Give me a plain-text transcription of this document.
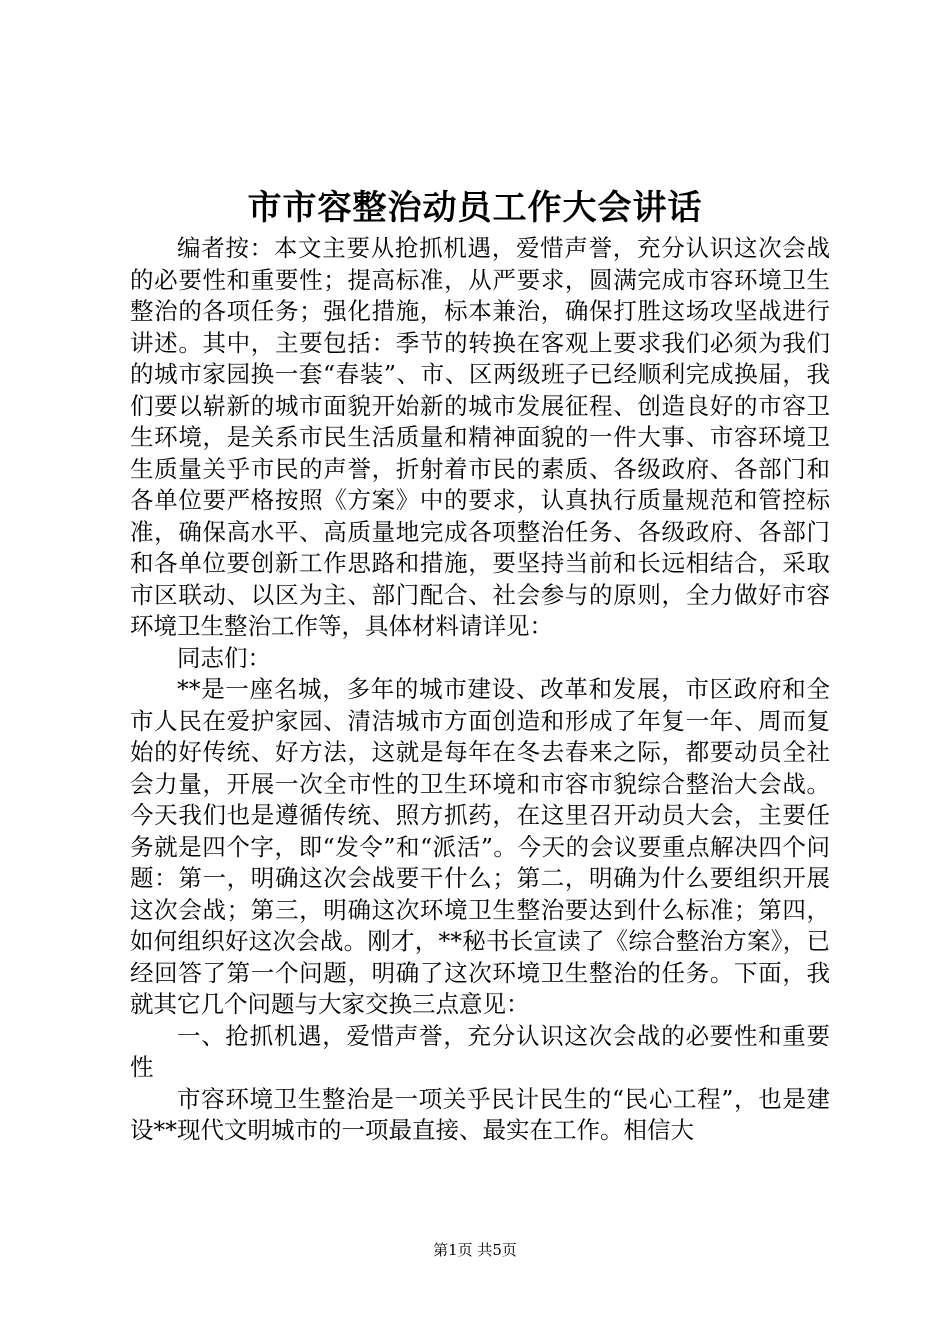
市市容整治动员工作大会讲话

编者按：本文主要从抢抓机遇，爱惜声誉，充分认识这次会战的必要性和重要性；提高标准，从严要求，圆满完成市容环境卫生整治的各项任务；强化措施，标本兼治，确保打胜这场攻坚战进行讲述。其中，主要包括：季节的转换在客观上要求我们必须为我们的城市家园换一套“春装”、市、区两级班子已经顺利完成换届，我们要以崭新的城市面貌开始新的城市发展征程、创造良好的市容卫生环境，是关系市民生活质量和精神面貌的一件大事、市容环境卫生质量关乎市民的声誉，折射着市民的素质、各级政府、各部门和各单位要严格按照《方案》中的要求，认真执行质量规范和管控标准，确保高水平、高质量地完成各项整治任务、各级政府、各部门和各单位要创新工作思路和措施，要坚持当前和长远相结合，采取市区联动、以区为主、部门配合、社会参与的原则，全力做好市容环境卫生整治工作等，具体材料请详见：

同志们：

**是一座名城，多年的城市建设、改革和发展，市区政府和全市人民在爱护家园、清洁城市方面创造和形成了年复一年、周而复始的好传统、好方法，这就是每年在冬去春来之际，都要动员全社会力量，开展一次全市性的卫生环境和市容市貌综合整治大会战。今天我们也是遵循传统、照方抓药，在这里召开动员大会，主要任务就是四个字，即“发令”和“派活”。今天的会议要重点解决四个问题：第一，明确这次会战要干什么；第二，明确为什么要组织开展这次会战；第三，明确这次环境卫生整治要达到什么标准；第四，如何组织好这次会战。刚才，**秘书长宣读了《综合整治方案》，已经回答了第一个问题，明确了这次环境卫生整治的任务。下面，我就其它几个问题与大家交换三点意见：

一、抢抓机遇，爱惜声誉，充分认识这次会战的必要性和重要性

市容环境卫生整治是一项关乎民计民生的“民心工程”，也是建设**现代文明城市的一项最直接、最实在工作。相信大

第1页 共5页
